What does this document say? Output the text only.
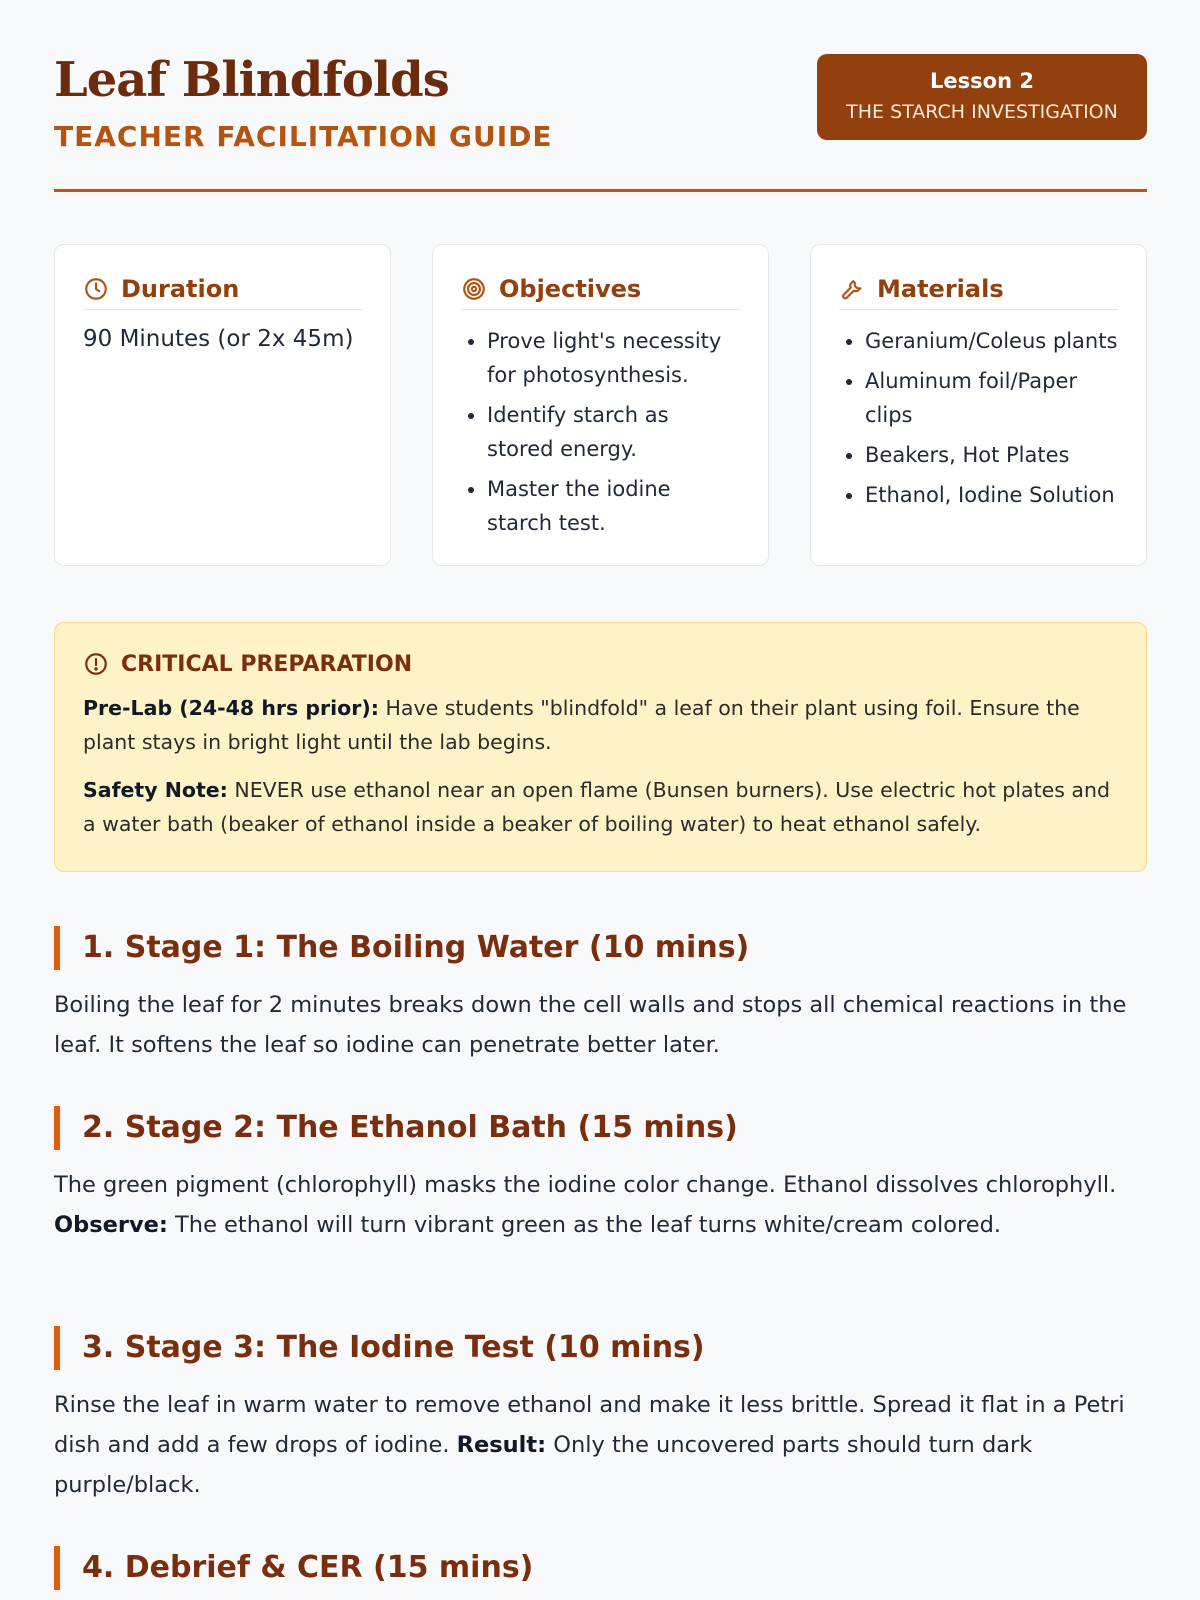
Leaf Blindfolds
TEACHER FACILITATION GUIDE
Lesson 2
THE STARCH INVESTIGATION
Duration
90 Minutes (or 2x 45m)
Objectives
• Prove light's necessity for photosynthesis.
• Identify starch as stored energy.
• Master the iodine starch test.
Materials
• Geranium/Coleus plants
• Aluminum foil/Paper clips
• Beakers, Hot Plates
• Ethanol, Iodine Solution
CRITICAL PREPARATION

Pre-Lab (24-48 hrs prior): Have students "blindfold" a leaf on their plant using foil. Ensure the plant stays in bright light until the lab begins.

Safety Note: NEVER use ethanol near an open flame (Bunsen burners). Use electric hot plates and a water bath (beaker of ethanol inside a beaker of boiling water) to heat ethanol safely.

1. Stage 1: The Boiling Water (10 mins)

Boiling the leaf for 2 minutes breaks down the cell walls and stops all chemical reactions in the leaf. It softens the leaf so iodine can penetrate better later.

2. Stage 2: The Ethanol Bath (15 mins)

The green pigment (chlorophyll) masks the iodine color change. Ethanol dissolves chlorophyll. Observe: The ethanol will turn vibrant green as the leaf turns white/cream colored.

3. Stage 3: The Iodine Test (10 mins)

Rinse the leaf in warm water to remove ethanol and make it less brittle. Spread it flat in a Petri dish and add a few drops of iodine. Result: Only the uncovered parts should turn dark purple/black.

4. Debrief & CER (15 mins)
